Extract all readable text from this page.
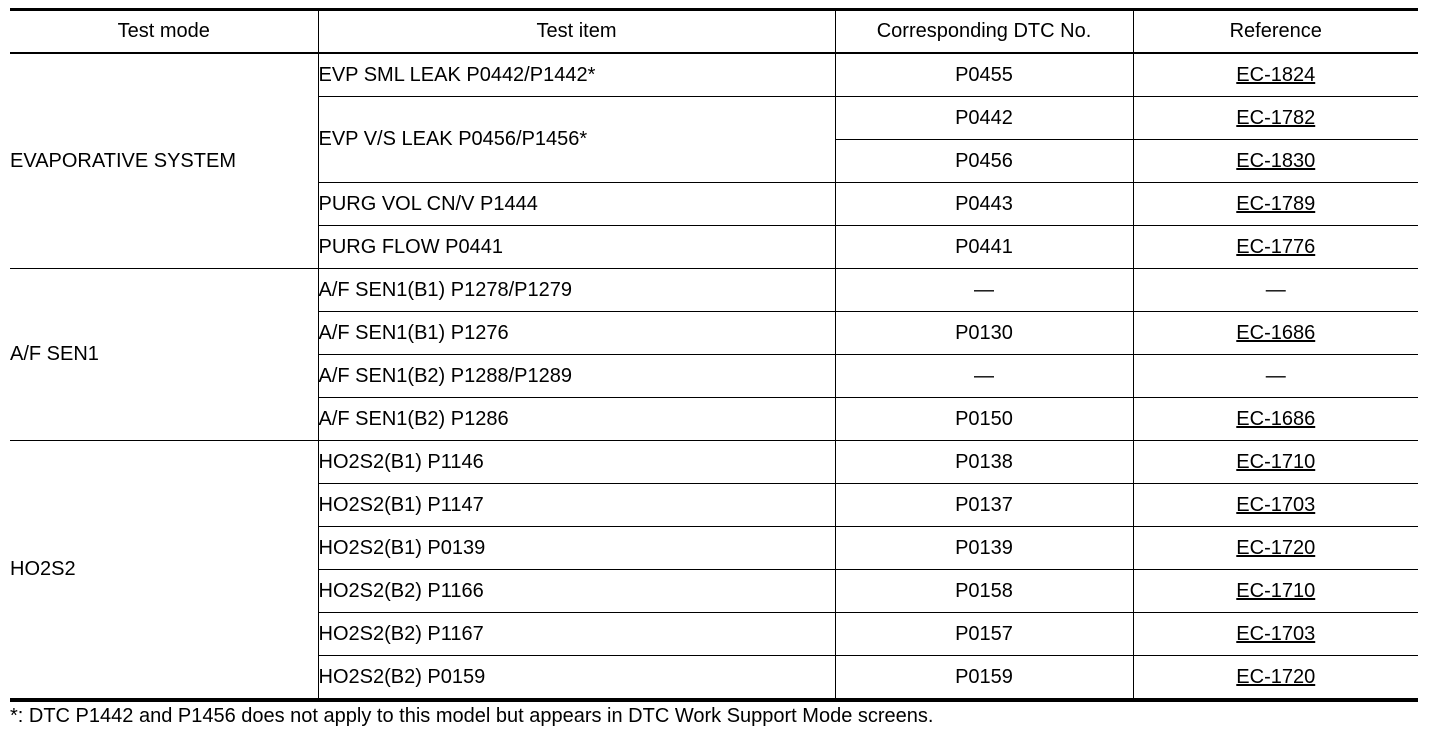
Test mode	Test item	Corresponding DTC No.	Reference
EVAPORATIVE SYSTEM	EVP SML LEAK P0442/P1442*	P0455	EC-1824
	EVP V/S LEAK P0456/P1456*	P0442	EC-1782
		P0456	EC-1830
	PURG VOL CN/V P1444	P0443	EC-1789
	PURG FLOW P0441	P0441	EC-1776
A/F SEN1	A/F SEN1(B1) P1278/P1279	—	—
	A/F SEN1(B1) P1276	P0130	EC-1686
	A/F SEN1(B2) P1288/P1289	—	—
	A/F SEN1(B2) P1286	P0150	EC-1686
HO2S2	HO2S2(B1) P1146	P0138	EC-1710
	HO2S2(B1) P1147	P0137	EC-1703
	HO2S2(B1) P0139	P0139	EC-1720
	HO2S2(B2) P1166	P0158	EC-1710
	HO2S2(B2) P1167	P0157	EC-1703
	HO2S2(B2) P0159	P0159	EC-1720
*: DTC P1442 and P1456 does not apply to this model but appears in DTC Work Support Mode screens.
